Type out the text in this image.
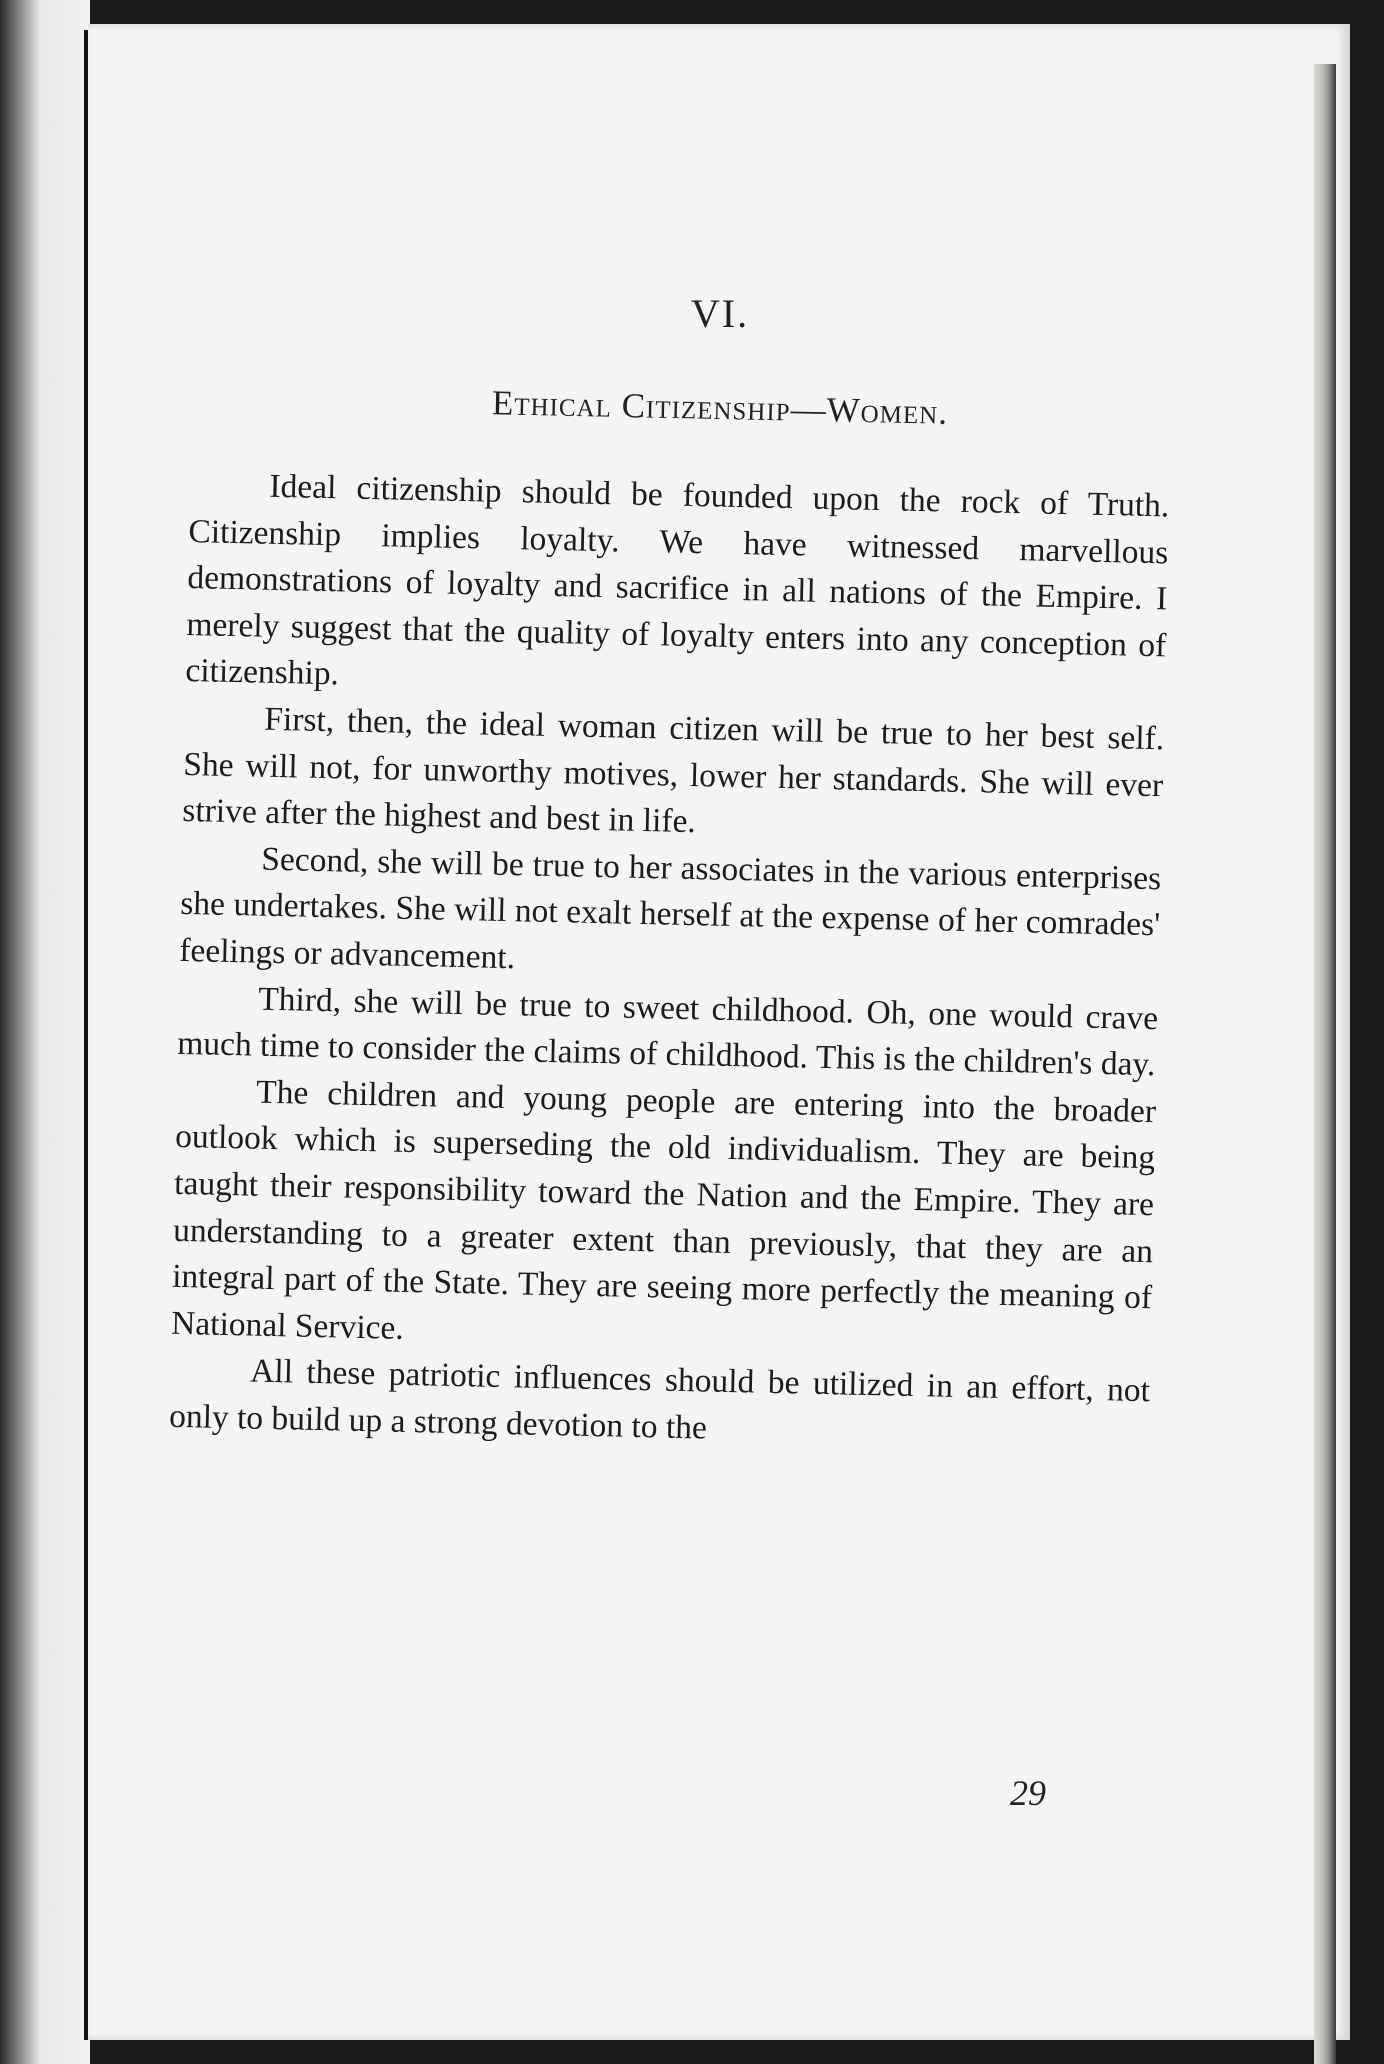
VI.
Ethical Citizenship—Women.

Ideal citizenship should be founded upon the rock of Truth. Citizenship implies loyalty. We have witnessed marvellous demonstrations of loyalty and sacrifice in all nations of the Empire. I merely suggest that the quality of loyalty enters into any conception of citizenship.

First, then, the ideal woman citizen will be true to her best self. She will not, for unworthy motives, lower her standards. She will ever strive after the highest and best in life.

Second, she will be true to her associates in the various enterprises she undertakes. She will not exalt herself at the expense of her comrades' feelings or advancement.

Third, she will be true to sweet childhood. Oh, one would crave much time to consider the claims of childhood. This is the children's day.

The children and young people are entering into the broader outlook which is superseding the old individualism. They are being taught their responsibility toward the Nation and the Empire. They are understanding to a greater extent than previously, that they are an integral part of the State. They are seeing more perfectly the meaning of National Service.

All these patriotic influences should be utilized in an effort, not only to build up a strong devotion to the

29
